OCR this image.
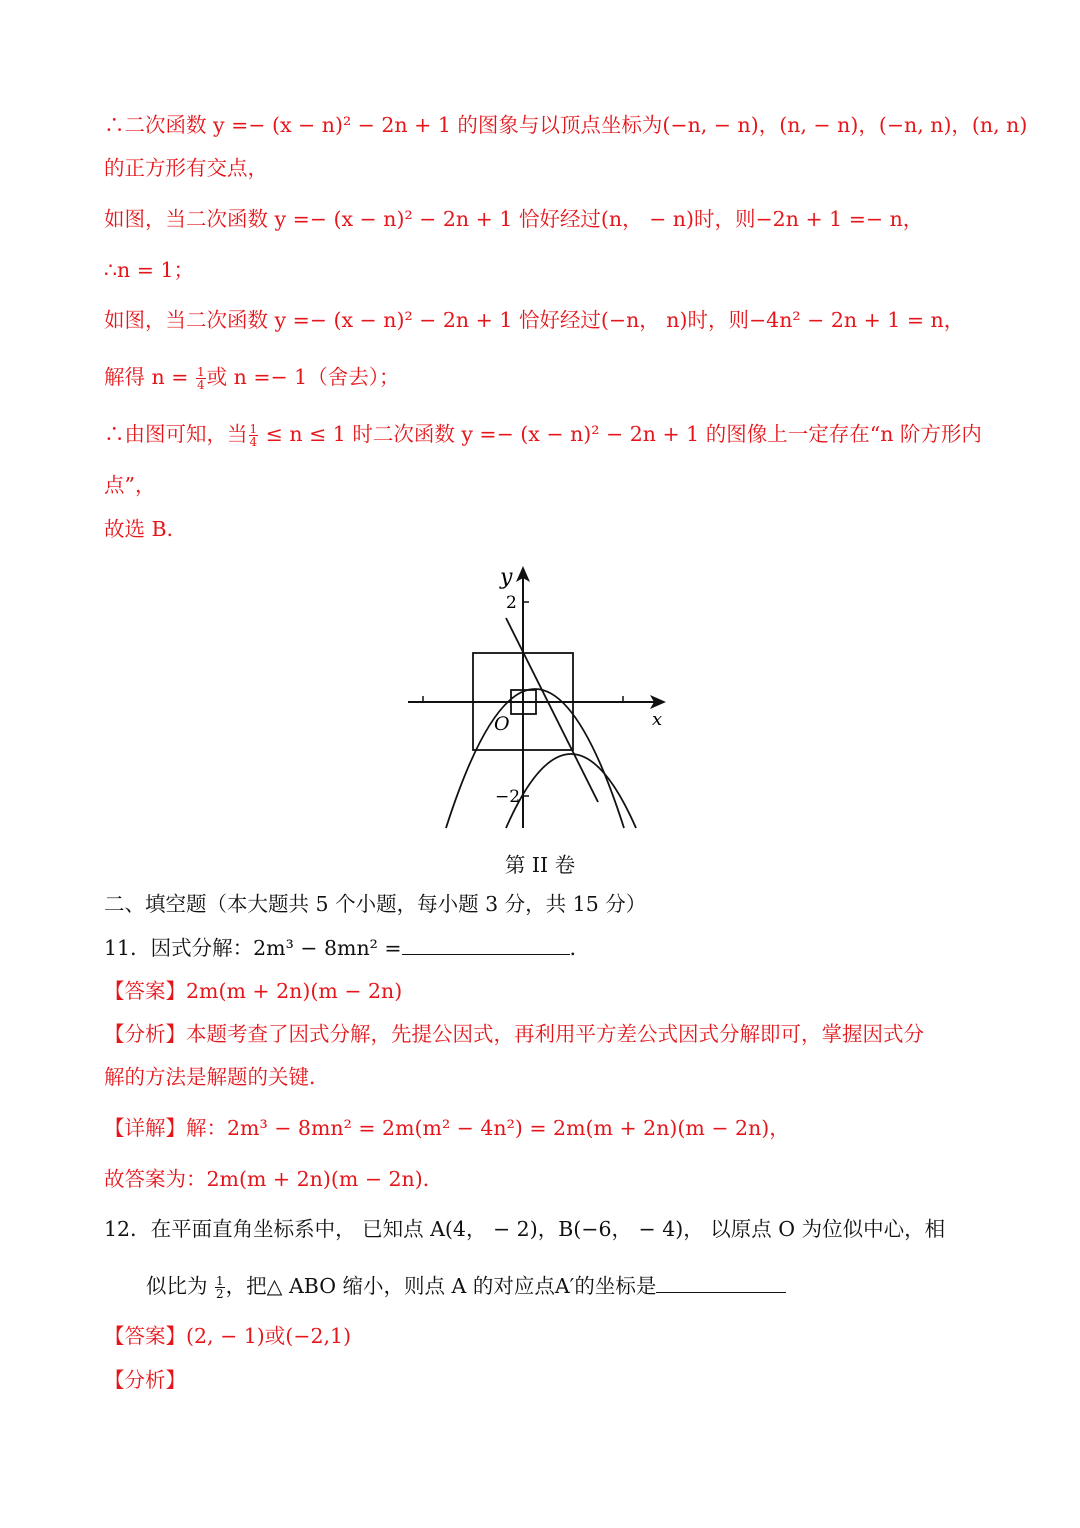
∴二次函数 y =− (x − n)² − 2n + 1 的图象与以顶点坐标为(−n, − n)，(n, − n)，(−n, n)，(n, n)
的正方形有交点，
如图，当二次函数 y =− (x − n)² − 2n + 1 恰好经过(n， − n)时，则−2n + 1 =− n，
∴n = 1；
如图，当二次函数 y =− (x − n)² − 2n + 1 恰好经过(−n， n)时，则−4n² − 2n + 1 = n，
解得 $n = \frac{1}{4}$ 或 n =− 1（舍去）；
∴由图可知，当 $\frac{1}{4} \le n \le 1$ 时二次函数 y =− (x − n)² − 2n + 1 的图像上一定存在“n 阶方形内
点”，
故选 B．
y
x
O
2
−2
第 II 卷
二、填空题（本大题共 5 个小题，每小题 3 分，共 15 分）
11．因式分解：2m³ − 8mn² =	．
【答案】2m(m + 2n)(m − 2n)
【分析】本题考查了因式分解，先提公因式，再利用平方差公式因式分解即可，掌握因式分
解的方法是解题的关键．
【详解】解：2m³ − 8mn² = 2m(m² − 4n²) = 2m(m + 2n)(m − 2n)，
故答案为：2m(m + 2n)(m − 2n)．
12．在平面直角坐标系中， 已知点 A(4， − 2)，B(−6， − 4)， 以原点 O 为位似中心，相
似比为 $\frac{1}{2}$ ，把△ ABO 缩小，则点 A 的对应点A′的坐标是
【答案】(2, − 1)或(−2,1)
【分析】
